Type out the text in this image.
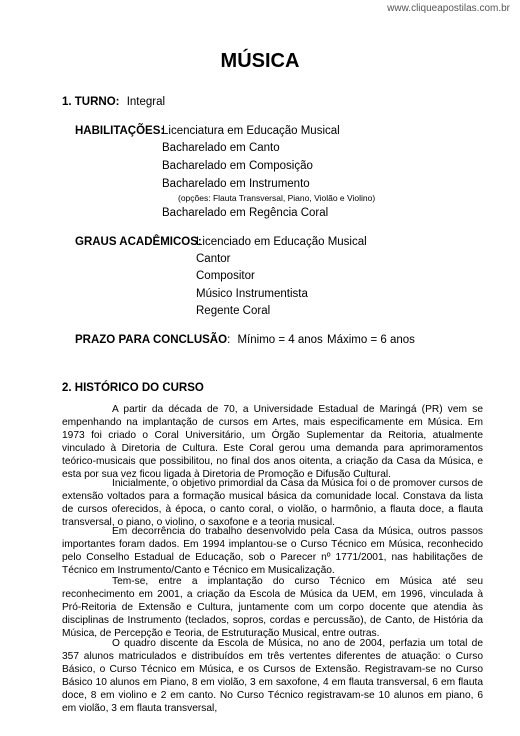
www.cliqueapostilas.com.br
MÚSICA
1. TURNO: Integral
HABILITAÇÕES:
Licenciatura em Educação Musical
Bacharelado em Canto
Bacharelado em Composição
Bacharelado em Instrumento
(opções: Flauta Transversal, Piano, Violão e Violino)
Bacharelado em Regência Coral
GRAUS ACADÊMICOS:
Licenciado em Educação Musical
Cantor
Compositor
Músico Instrumentista
Regente Coral
PRAZO PARA CONCLUSÃO: Mínimo = 4 anos Máximo = 6 anos
2. HISTÓRICO DO CURSO

A partir da década de 70, a Universidade Estadual de Maringá (PR) vem se empenhando na implantação de cursos em Artes, mais especificamente em Música. Em 1973 foi criado o Coral Universitário, um Órgão Suplementar da Reitoria, atualmente vinculado à Diretoria de Cultura. Este Coral gerou uma demanda para aprimoramentos teórico-musicais que possibilitou, no final dos anos oitenta, a criação da Casa da Música, e esta por sua vez ficou ligada à Diretoria de Promoção e Difusão Cultural.

Inicialmente, o objetivo primordial da Casa da Música foi o de promover cursos de extensão voltados para a formação musical básica da comunidade local. Constava da lista de cursos oferecidos, à época, o canto coral, o violão, o harmônio, a flauta doce, a flauta transversal, o piano, o violino, o saxofone e a teoria musical.

Em decorrência do trabalho desenvolvido pela Casa da Música, outros passos importantes foram dados. Em 1994 implantou-se o Curso Técnico em Música, reconhecido pelo Conselho Estadual de Educação, sob o Parecer nº 1771/2001, nas habilitações de Técnico em Instrumento/Canto e Técnico em Musicalização.

Tem-se, entre a implantação do curso Técnico em Música até seu reconhecimento em 2001, a criação da Escola de Música da UEM, em 1996, vinculada à Pró-Reitoria de Extensão e Cultura, juntamente com um corpo docente que atendia às disciplinas de Instrumento (teclados, sopros, cordas e percussão), de Canto, de História da Música, de Percepção e Teoria, de Estruturação Musical, entre outras.

O quadro discente da Escola de Música, no ano de 2004, perfazia um total de 357 alunos matriculados e distribuídos em três vertentes diferentes de atuação: o Curso Básico, o Curso Técnico em Música, e os Cursos de Extensão. Registravam-se no Curso Básico 10 alunos em Piano, 8 em violão, 3 em saxofone, 4 em flauta transversal, 6 em flauta doce, 8 em violino e 2 em canto. No Curso Técnico registravam-se 10 alunos em piano, 6 em violão, 3 em flauta transversal,
